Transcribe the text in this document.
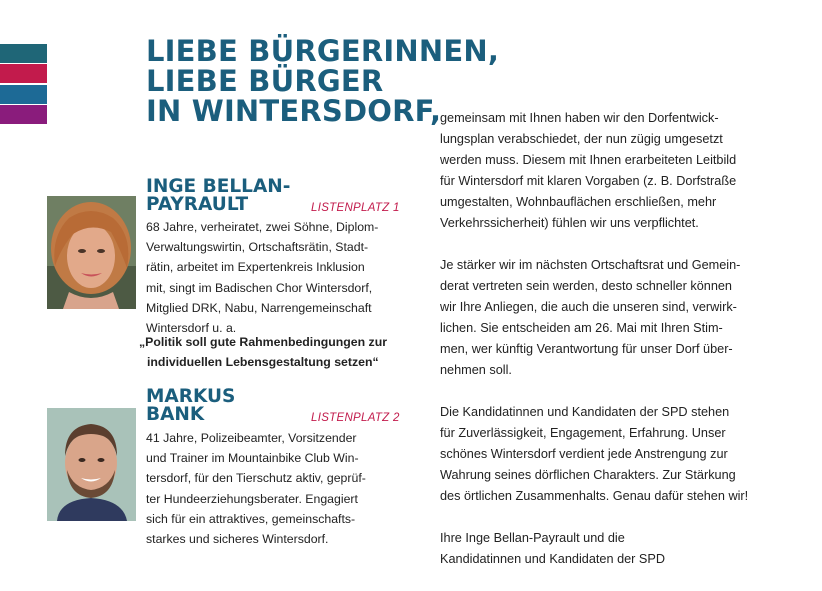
LIEBE BÜRGERINNEN,
LIEBE BÜRGER
IN WINTERSDORF,
INGE BELLAN-
PAYRAULT	LISTENPLATZ 1

68 Jahre, verheiratet, zwei Söhne, Diplom-
Verwaltungswirtin, Ortschaftsrätin, Stadt-
rätin, arbeitet im Expertenkreis Inklusion
mit, singt im Badischen Chor Wintersdorf,
Mitglied DRK, Nabu, Narrengemeinschaft
Wintersdorf u. a.

„Politik soll gute Rahmenbedingungen zur
individuellen Lebensgestaltung setzen“

MARKUS
BANK	LISTENPLATZ 2

41 Jahre, Polizeibeamter, Vorsitzender
und Trainer im Mountainbike Club Win-
tersdorf, für den Tierschutz aktiv, geprüf-
ter Hundeerziehungsberater. Engagiert
sich für ein attraktives, gemeinschafts-
starkes und sicheres Wintersdorf.

gemeinsam mit Ihnen haben wir den Dorfentwick-
lungsplan verabschiedet, der nun zügig umgesetzt
werden muss. Diesem mit Ihnen erarbeiteten Leitbild
für Wintersdorf mit klaren Vorgaben (z. B. Dorfstraße
umgestalten, Wohnbauflächen erschließen, mehr
Verkehrssicherheit) fühlen wir uns verpflichtet.

Je stärker wir im nächsten Ortschaftsrat und Gemein-
derat vertreten sein werden, desto schneller können
wir Ihre Anliegen, die auch die unseren sind, verwirk-
lichen. Sie entscheiden am 26. Mai mit Ihren Stim-
men, wer künftig Verantwortung für unser Dorf über-
nehmen soll.

Die Kandidatinnen und Kandidaten der SPD stehen
für Zuverlässigkeit, Engagement, Erfahrung. Unser
schönes Wintersdorf verdient jede Anstrengung zur
Wahrung seines dörflichen Charakters. Zur Stärkung
des örtlichen Zusammenhalts. Genau dafür stehen wir!

Ihre Inge Bellan-Payrault und die
Kandidatinnen und Kandidaten der SPD
